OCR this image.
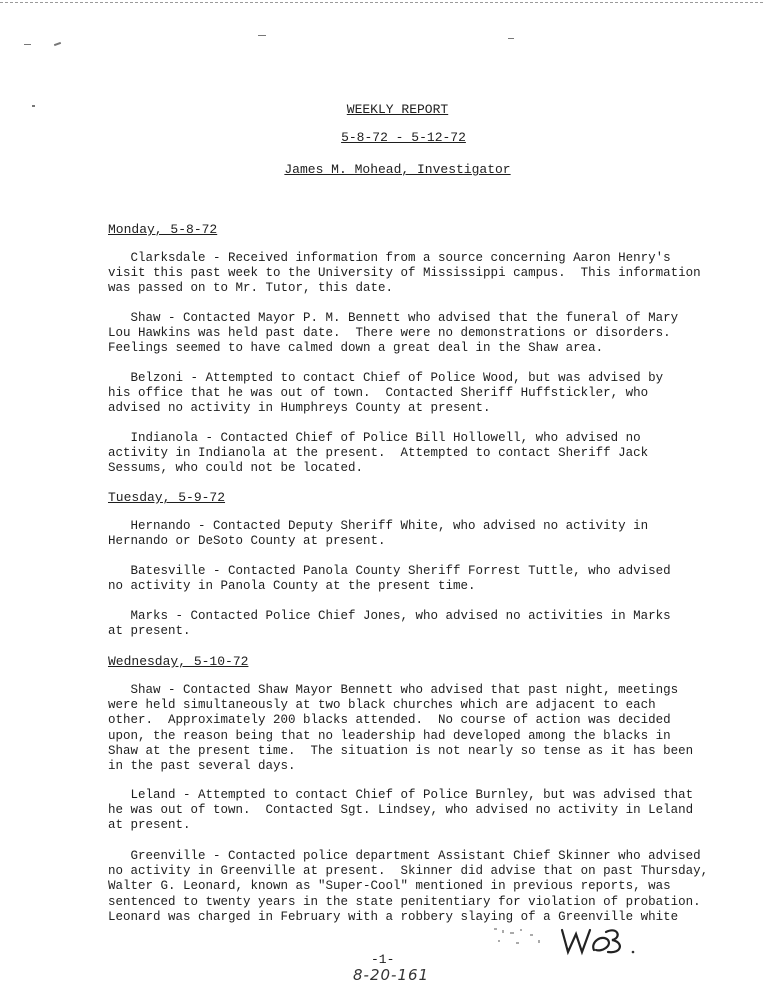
WEEKLY REPORT
5-8-72 - 5-12-72
James M. Mohead, Investigator
Monday, 5-8-72
Clarksdale - Received information from a source concerning Aaron Henry's
visit this past week to the University of Mississippi campus.  This information
was passed on to Mr. Tutor, this date.
Shaw - Contacted Mayor P. M. Bennett who advised that the funeral of Mary
Lou Hawkins was held past date.  There were no demonstrations or disorders.
Feelings seemed to have calmed down a great deal in the Shaw area.
Belzoni - Attempted to contact Chief of Police Wood, but was advised by
his office that he was out of town.  Contacted Sheriff Huffstickler, who
advised no activity in Humphreys County at present.
Indianola - Contacted Chief of Police Bill Hollowell, who advised no
activity in Indianola at the present.  Attempted to contact Sheriff Jack
Sessums, who could not be located.
Tuesday, 5-9-72
Hernando - Contacted Deputy Sheriff White, who advised no activity in
Hernando or DeSoto County at present.
Batesville - Contacted Panola County Sheriff Forrest Tuttle, who advised
no activity in Panola County at the present time.
Marks - Contacted Police Chief Jones, who advised no activities in Marks
at present.
Wednesday, 5-10-72
Shaw - Contacted Shaw Mayor Bennett who advised that past night, meetings
were held simultaneously at two black churches which are adjacent to each
other.  Approximately 200 blacks attended.  No course of action was decided
upon, the reason being that no leadership had developed among the blacks in
Shaw at the present time.  The situation is not nearly so tense as it has been
in the past several days.
Leland - Attempted to contact Chief of Police Burnley, but was advised that
he was out of town.  Contacted Sgt. Lindsey, who advised no activity in Leland
at present.
Greenville - Contacted police department Assistant Chief Skinner who advised
no activity in Greenville at present.  Skinner did advise that on past Thursday,
Walter G. Leonard, known as "Super-Cool" mentioned in previous reports, was
sentenced to twenty years in the state penitentiary for violation of probation.
Leonard was charged in February with a robbery slaying of a Greenville white
WB
-1-
8-20-161
